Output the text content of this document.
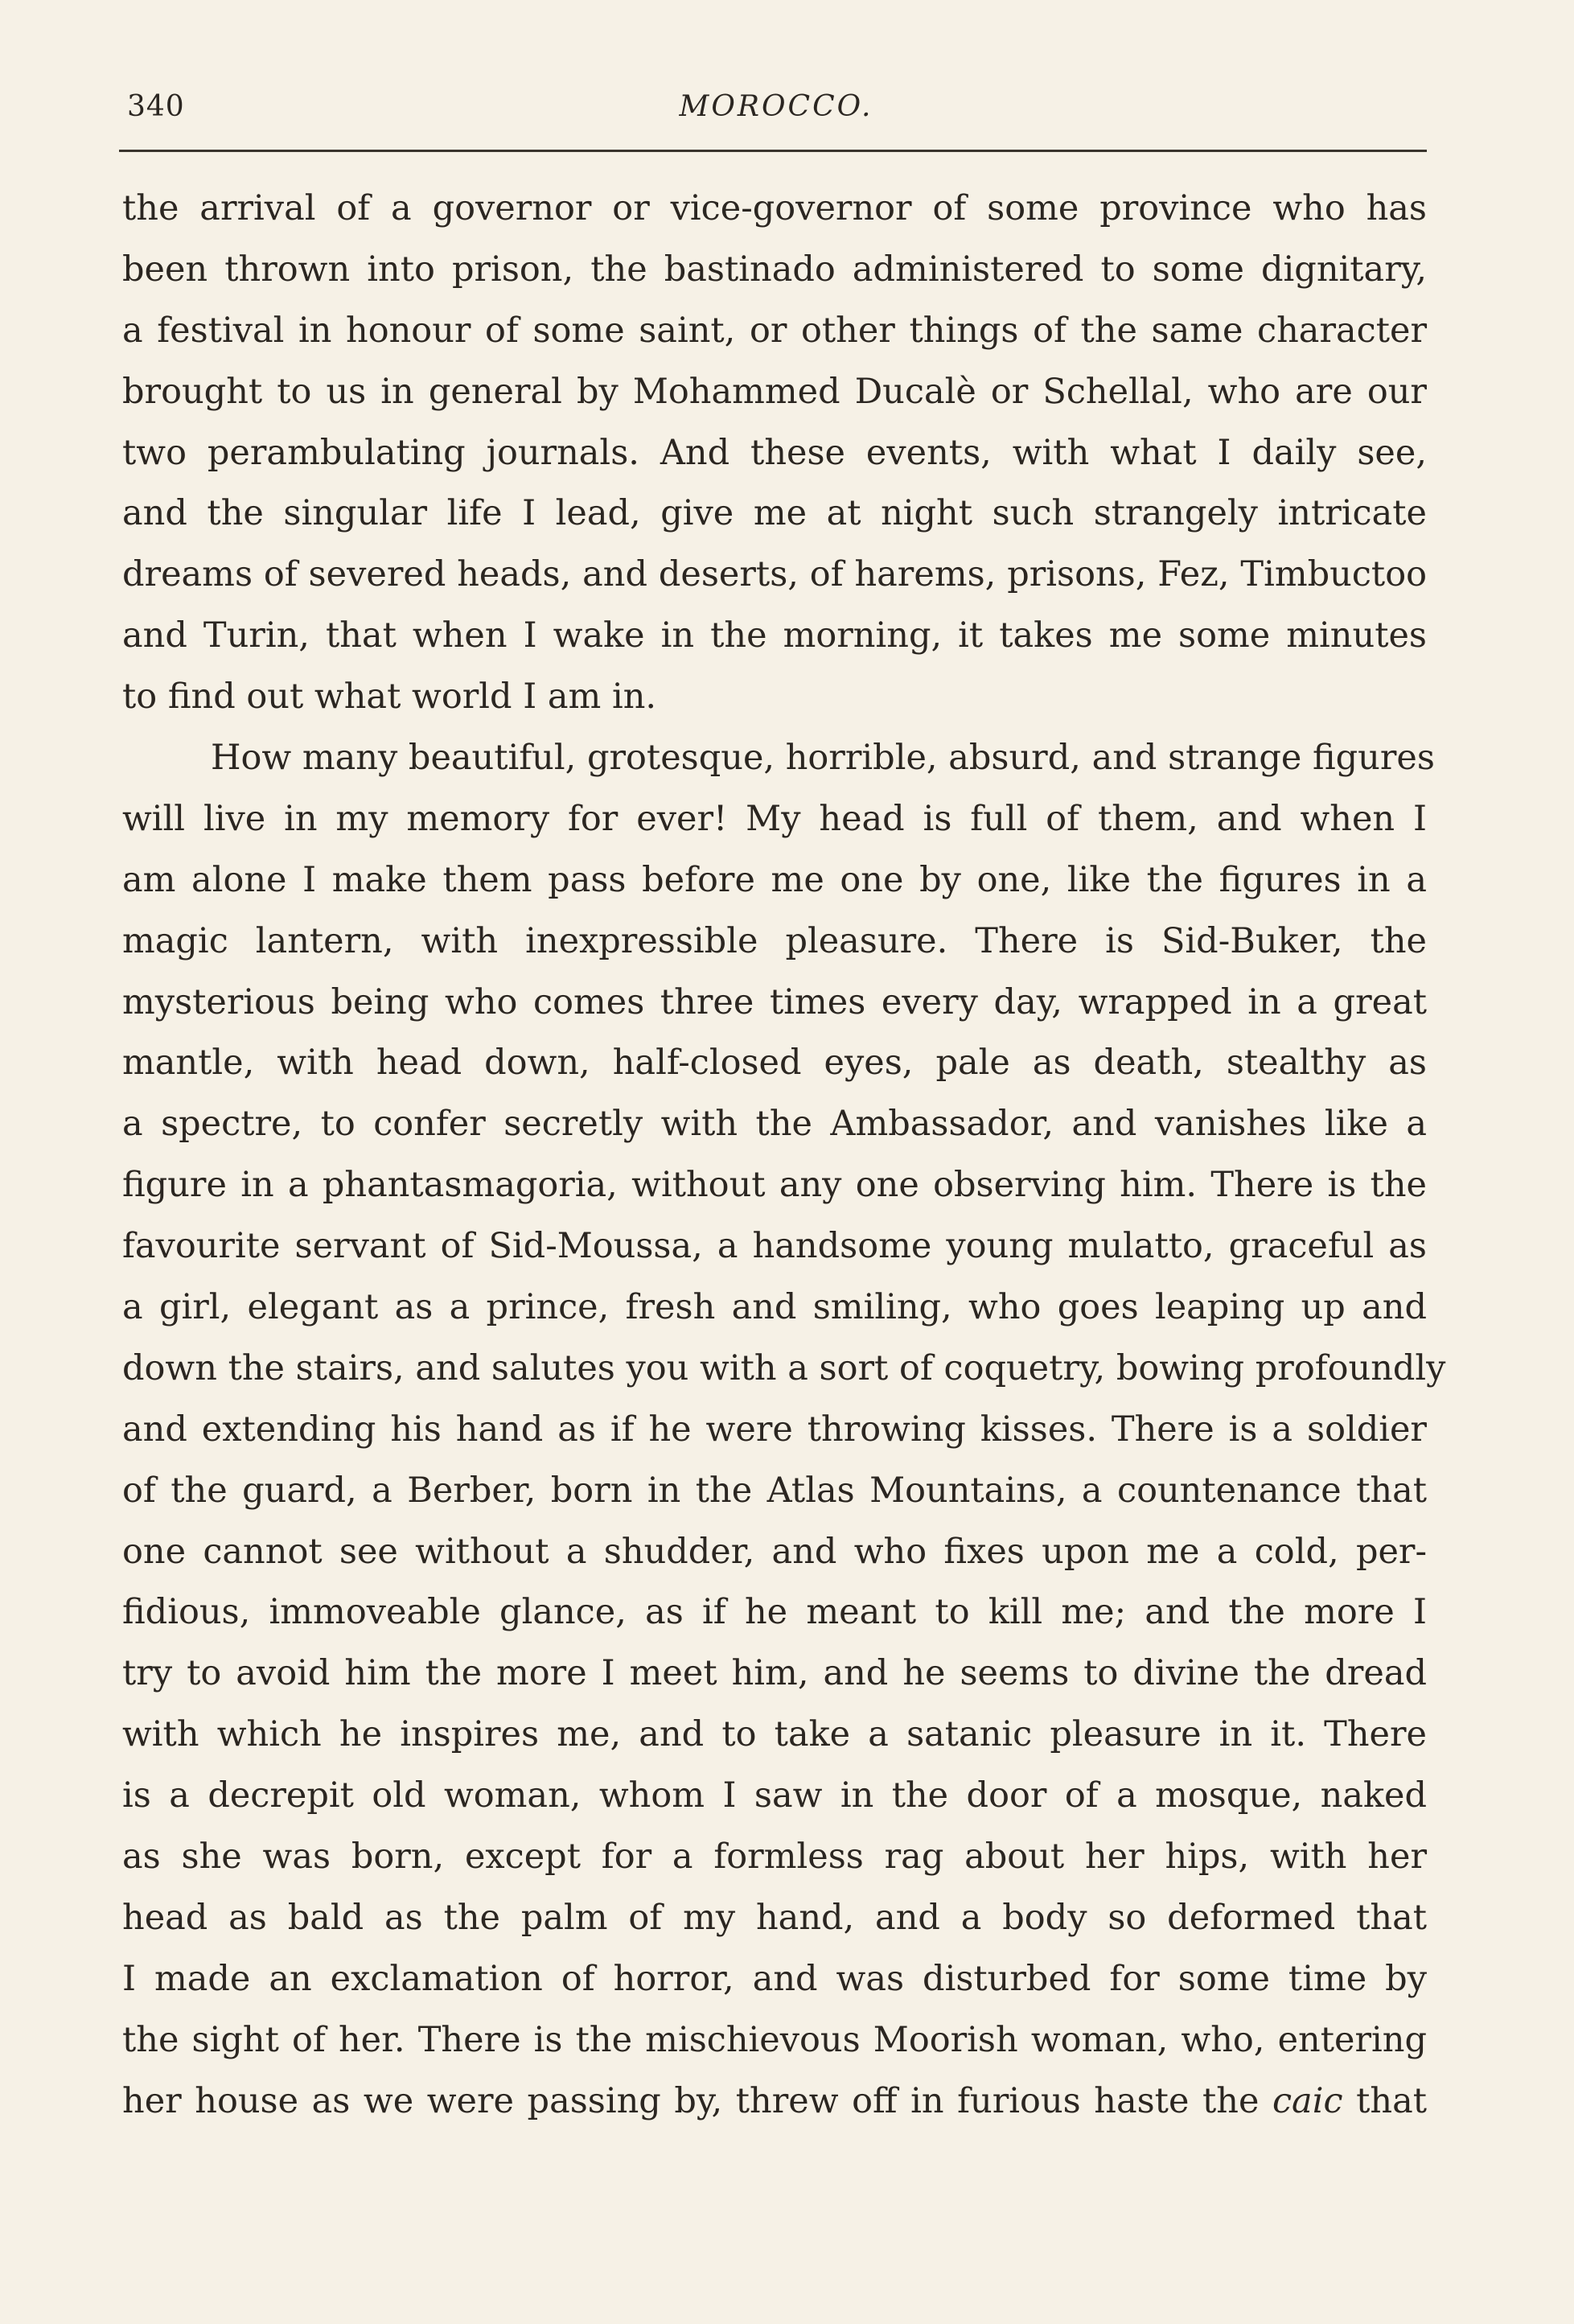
340	MOROCCO.
the arrival of a governor or vice-governor of some province who has
been thrown into prison, the bastinado administered to some dignitary,
a festival in honour of some saint, or other things of the same character
brought to us in general by Mohammed Ducalè or Schellal, who are our
two perambulating journals. And these events, with what I daily see,
and the singular life I lead, give me at night such strangely intricate
dreams of severed heads, and deserts, of harems, prisons, Fez, Timbuctoo
and Turin, that when I wake in the morning, it takes me some minutes
to find out what world I am in.
How many beautiful, grotesque, horrible, absurd, and strange figures
will live in my memory for ever! My head is full of them, and when I
am alone I make them pass before me one by one, like the figures in a
magic lantern, with inexpressible pleasure. There is Sid-Buker, the
mysterious being who comes three times every day, wrapped in a great
mantle, with head down, half-closed eyes, pale as death, stealthy as
a spectre, to confer secretly with the Ambassador, and vanishes like a
figure in a phantasmagoria, without any one observing him. There is the
favourite servant of Sid-Moussa, a handsome young mulatto, graceful as
a girl, elegant as a prince, fresh and smiling, who goes leaping up and
down the stairs, and salutes you with a sort of coquetry, bowing profoundly
and extending his hand as if he were throwing kisses. There is a soldier
of the guard, a Berber, born in the Atlas Mountains, a countenance that
one cannot see without a shudder, and who fixes upon me a cold, per-
fidious, immoveable glance, as if he meant to kill me; and the more I
try to avoid him the more I meet him, and he seems to divine the dread
with which he inspires me, and to take a satanic pleasure in it. There
is a decrepit old woman, whom I saw in the door of a mosque, naked
as she was born, except for a formless rag about her hips, with her
head as bald as the palm of my hand, and a body so deformed that
I made an exclamation of horror, and was disturbed for some time by
the sight of her. There is the mischievous Moorish woman, who, entering
her house as we were passing by, threw off in furious haste the caic that
